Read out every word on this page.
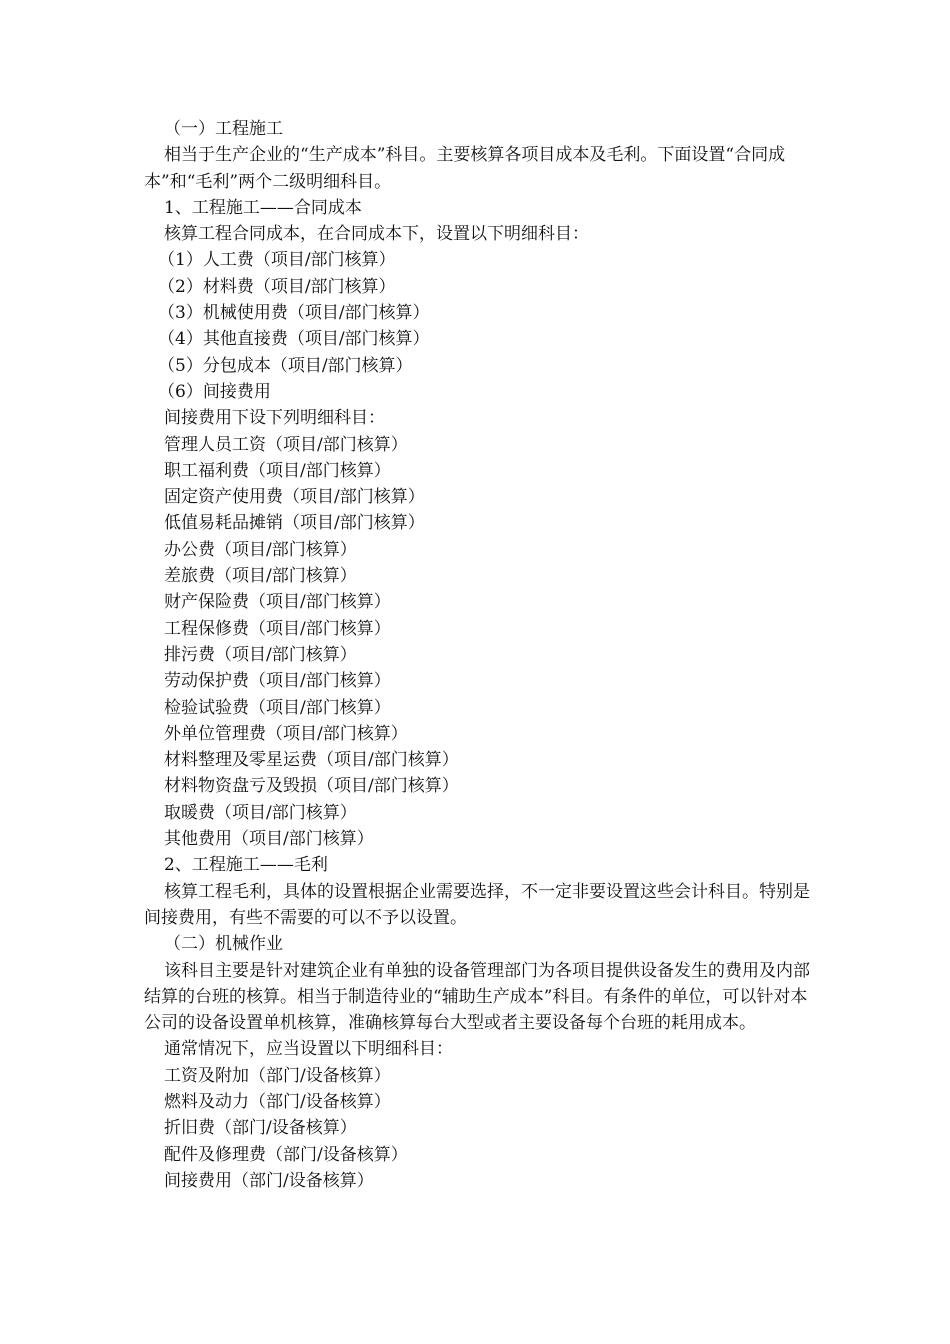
（一）工程施工

相当于生产企业的“生产成本”科目。主要核算各项目成本及毛利。下面设置“合同成本”和“毛利”两个二级明细科目。

1、工程施工——合同成本

核算工程合同成本，在合同成本下，设置以下明细科目：

（1）人工费（项目/部门核算）

（2）材料费（项目/部门核算）

（3）机械使用费（项目/部门核算）

（4）其他直接费（项目/部门核算）

（5）分包成本（项目/部门核算）

（6）间接费用

间接费用下设下列明细科目：

管理人员工资（项目/部门核算）

职工福利费（项目/部门核算）

固定资产使用费（项目/部门核算）

低值易耗品摊销（项目/部门核算）

办公费（项目/部门核算）

差旅费（项目/部门核算）

财产保险费（项目/部门核算）

工程保修费（项目/部门核算）

排污费（项目/部门核算）

劳动保护费（项目/部门核算）

检验试验费（项目/部门核算）

外单位管理费（项目/部门核算）

材料整理及零星运费（项目/部门核算）

材料物资盘亏及毁损（项目/部门核算）

取暖费（项目/部门核算）

其他费用（项目/部门核算）

2、工程施工——毛利

核算工程毛利，具体的设置根据企业需要选择，不一定非要设置这些会计科目。特别是间接费用，有些不需要的可以不予以设置。

（二）机械作业

该科目主要是针对建筑企业有单独的设备管理部门为各项目提供设备发生的费用及内部结算的台班的核算。相当于制造待业的“辅助生产成本”科目。有条件的单位，可以针对本公司的设备设置单机核算，准确核算每台大型或者主要设备每个台班的耗用成本。

通常情况下，应当设置以下明细科目：

工资及附加（部门/设备核算）

燃料及动力（部门/设备核算）

折旧费（部门/设备核算）

配件及修理费（部门/设备核算）

间接费用（部门/设备核算）
